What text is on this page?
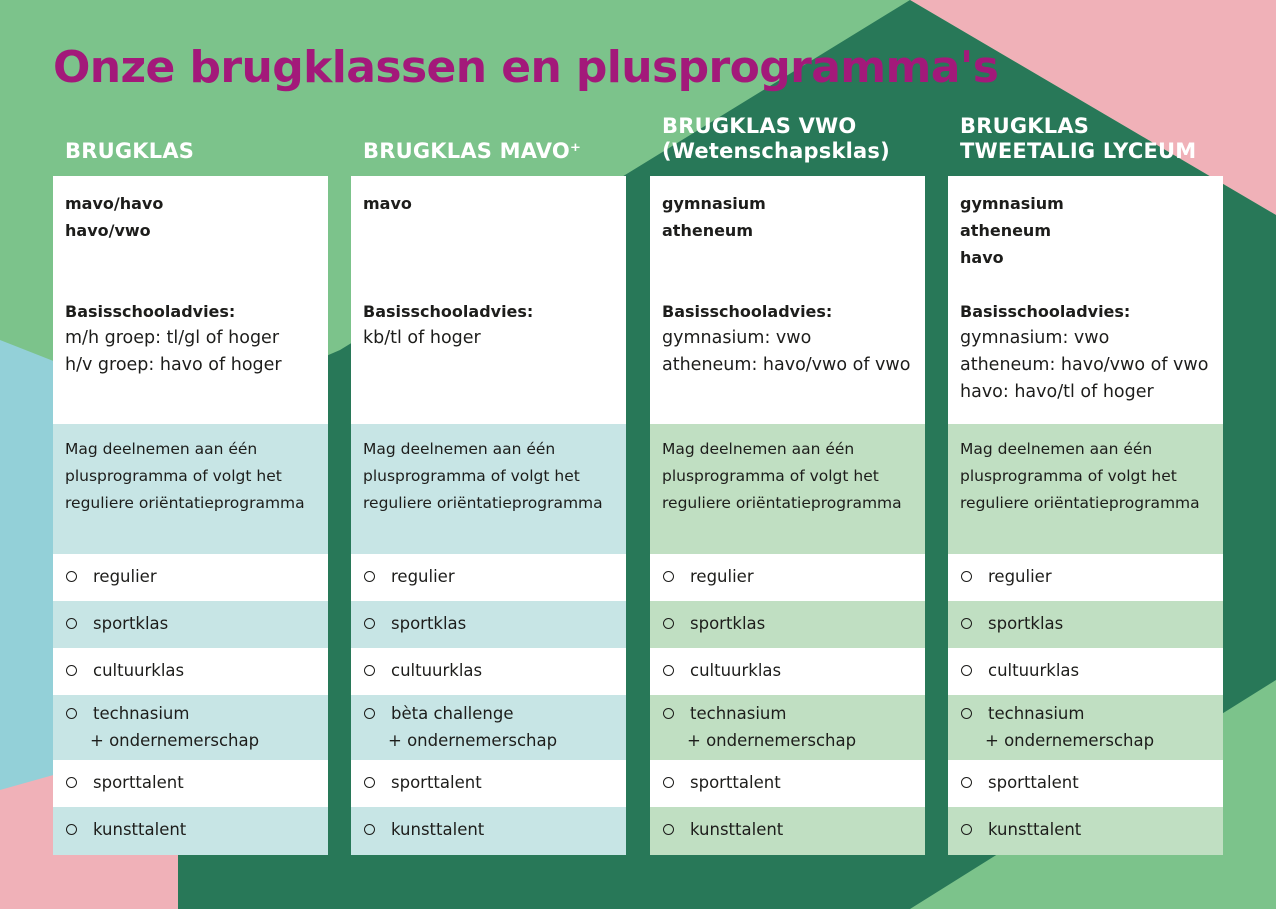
Onze brugklassen en plusprogramma's
BRUGKLAS
mavo/havo
havo/vwo
Basisschooladvies:
m/h groep: tl/gl of hoger
h/v groep: havo of hoger
Mag deelnemen aan één plusprogramma of volgt het reguliere oriëntatieprogramma
regulier
sportklas
cultuurklas
technasium
+ ondernemerschap
sporttalent
kunsttalent
BRUGKLAS MAVO⁺
mavo
Basisschooladvies:
kb/tl of hoger
Mag deelnemen aan één plusprogramma of volgt het reguliere oriëntatieprogramma
regulier
sportklas
cultuurklas
bèta challenge
+ ondernemerschap
sporttalent
kunsttalent
BRUGKLAS VWO
(Wetenschapsklas)
gymnasium
atheneum
Basisschooladvies:
gymnasium: vwo
atheneum: havo/vwo of vwo
Mag deelnemen aan één plusprogramma of volgt het reguliere oriëntatieprogramma
regulier
sportklas
cultuurklas
technasium
+ ondernemerschap
sporttalent
kunsttalent
BRUGKLAS
TWEETALIG LYCEUM
gymnasium
atheneum
havo
Basisschooladvies:
gymnasium: vwo
atheneum: havo/vwo of vwo
havo: havo/tl of hoger
Mag deelnemen aan één plusprogramma of volgt het reguliere oriëntatieprogramma
regulier
sportklas
cultuurklas
technasium
+ ondernemerschap
sporttalent
kunsttalent
